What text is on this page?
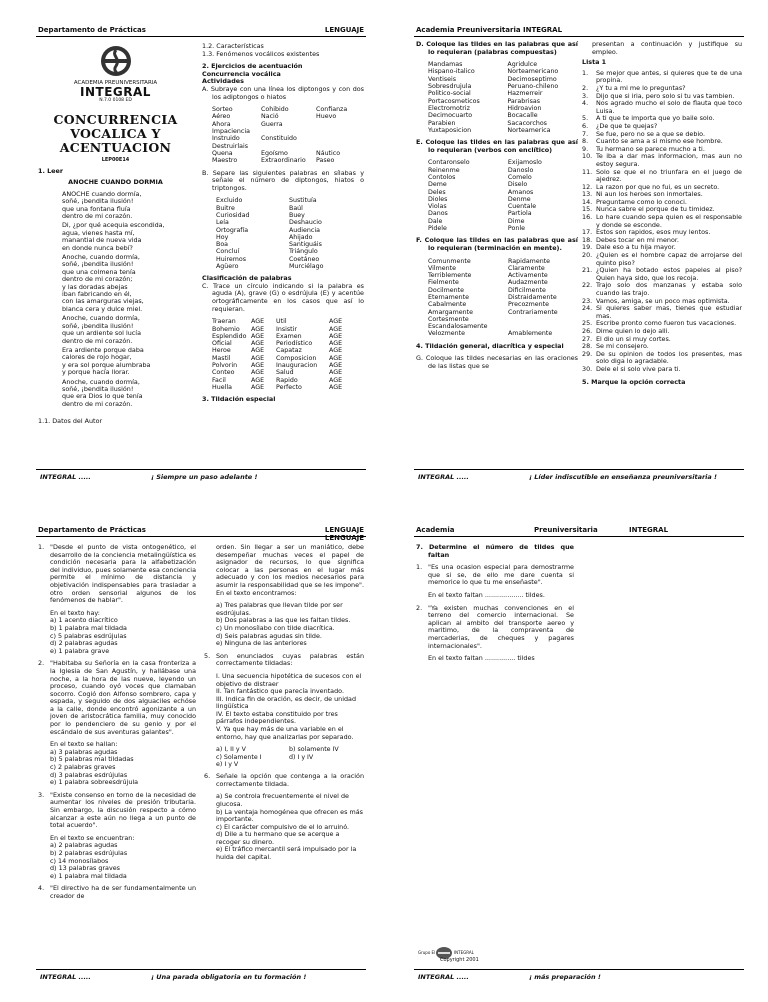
Departamento de Prácticas	LENGUAJE
ACADEMIA PREUNIVERSITARIA
INTEGRAL
N.7.0 0108 ED
CONCURRENCIA
VOCALICA Y
ACENTUACION
LEP00E14
1. Leer
ANOCHE CUANDO DORMIA
ANOCHE cuando dormía,
soñé, ¡bendita ilusión!
que una fontana fluía
dentro de mi corazón.
Di, ¿por qué acequia escondida,
agua, vienes hasta mí,
manantial de nueva vida
en donde nunca bebí?
Anoche, cuando dormía,
soñé, ¡bendita ilusión!
que una colmena tenía
dentro de mi corazón;
y las doradas abejas
iban fabricando en él,
con las amarguras viejas,
blanca cera y dulce miel.
Anoche, cuando dormía,
soñé, ¡bendita ilusión!
que un ardiente sol lucía
dentro de mi corazón.
Era ardiente porque daba
calores de rojo hogar,
y era sol porque alumbraba
y porque hacía llorar.
Anoche, cuando dormía,
soñé, ¡bendita ilusión!
que era Dios lo que tenía
dentro de mi corazón.
1.1. Datos del Autor
1.2. Características
1.3. Fenómenos vocálicos existentes
2. Ejercicios de acentuación
Concurrencia vocálica
Actividades
A. Subraye con una línea los diptongos y con dos los adiptongos o hiatos
Sorteo	Cohibido	Confianza
Aéreo	Nació	Huevo
Ahora	Guerra	
Impaciencia		
Instruido	Constituido	
Destruirlais		
Quena	Egoísmo	Náutico
Maestro	Extraordinario	Paseo
B. Separe las siguientes palabras en sílabas y señale el número de diptongos, hiatos o triptongos.
Excluido	Sustituía
Buitre	Baúl
Curiosidad	Buey
Leía	Deshaucio
Ortografía	Audiencia
Hoy	Ahijado
Boa	Santiguáis
Concluí	Triángulo
Huiremos	Coetáneo
Agüero	Murciélago
Clasificación de palabras
C. Trace un círculo indicando si la palabra es aguda (A), grave (G) o esdrújula (E) y acentúe ortográficamente en los casos que así lo requieran.
Traeran	AGE	Util	AGE
Bohemio	AGE	Insistir	AGE
Esplendido	AGE	Examen	AGE
Oficial	AGE	Periodístico	AGE
Heroe	AGE	Capataz	AGE
Mastil	AGE	Composicion	AGE
Polvorin	AGE	Inauguracion	AGE
Conteo	AGE	Salud	AGE
Facil	AGE	Rapido	AGE
Huella	AGE	Perfecto	AGE
3. Tildación especial
INTEGRAL .....	¡ Siempre un paso adelante !
Academia Preuniversitaria INTEGRAL
D. Coloque las tildes en las palabras que así lo requieran (palabras compuestas)
Mandamas	Agridulce
Hispano-italico	Norteamericano
Ventiseis	Decimoseptimo
Sobresdrujula	Peruano-chileno
Politico-social	Hazmerreir
Portacosmeticos	Parabrisas
Electromotriz	Hidroavion
Decimocuarto	Bocacalle
Parabien	Sacacorchos
Yuxtaposicion	Norteamerica
E. Coloque las tildes en las palabras que así lo requieran (verbos con enclítico)
Contaronselo	Exijamoslo
Reinenme	Danoslo
Contolos	Comelo
Deme	Diselo
Deles	Amanos
Dioles	Denme
Violas	Cuentale
Danos	Partiola
Dale	Dime
Pidele	Ponle
F. Coloque las tildes en las palabras que así lo requieran (terminación en mente).
Comunmente	Rapidamente
Vilmente	Claramente
Terriblemente	Activamente
Fielmente	Audazmente
Docilmente	Dificilmente
Eternamente	Distraidamente
Cabalmente	Precozmente
Amargamente	Contrariamente
Cortesmente	
Escandalosamente	
Velozmente	Amablemente
4. Tildación general, diacrítica y especial
G. Coloque las tildes necesarias en las oraciones de las listas que se
presentan a continuación y justifique su empleo.
Lista 1
1.	Se mejor que antes, si quieres que te de una propina.
2.	¿Y tu a mi me lo preguntas?
3.	Dijo que si iria, pero solo si tu vas tambien.
4.	Nos agrado mucho el solo de flauta que toco Luisa.
5.	A ti que te importa que yo baile solo.
6.	¿De que te quejas?
7.	Se fue, pero no se a que se debio.
8.	Cuanto se ama a si mismo ese hombre.
9.	Tu hermano se parece mucho a ti.
10. Te iba a dar mas informacion, mas aun no estoy segura.
11. Solo se que el no triunfara en el juego de ajedrez.
12. La razon por que no fui, es un secreto.
13. Ni aun los heroes son inmortales.
14. Preguntame como lo conoci.
15. Nunca sabre el porque de tu timidez.
16. Lo hare cuando sepa quien es el responsable y donde se esconde.
17. Estos son rapidos, esos muy lentos.
18. Debes tocar en mi menor.
19. Dale eso a tu hija mayor.
20. ¿Quien es el hombre capaz de arrojarse del quinto piso?
21. ¿Quien ha botado estos papeles al piso? Quien haya sido, que los recoja.
22. Trajo solo dos manzanas y estaba solo cuando las trajo.
23. Vamos, amiga, se un poco mas optimista.
24. Si quieres saber mas, tienes que estudiar mas.
25. Escribe pronto como fueron tus vacaciones.
26. Dime quien lo dejo alli.
27. El dio un si muy cortes.
28. Se mi consejero.
29. De su opinion de todos los presentes, mas solo diga lo agradable.
30. Dele el si solo vive para ti.
5. Marque la opción correcta
INTEGRAL .....	¡ Líder indiscutible en enseñanza preuniversitaria !
Departamento de Prácticas	LENGUAJE
LENGUAJE
1. "Desde el punto de vista ontogenético, el desarrollo de la conciencia metalingüística es condición necesaria para la alfabetización del individuo, pues solamente esa conciencia permite el mínimo de distancia y objetivación indispensables para trasladar a otro orden sensorial algunos de los fenómenos de hablar".
En el texto hay:
a) 1 acento diacrítico
b) 1 palabra mal tildada
c) 5 palabras esdrújulas
d) 2 palabras agudas
e) 1 palabra grave
2. "Habitaba su Señoría en la casa fronteriza a la Iglesia de San Agustín, y hallábase una noche, a la hora de las nueve, leyendo un proceso, cuando oyó voces que clamaban socorro. Cogió don Alfonso sombrero, capa y espada, y seguido de dos alguaciles echóse a la calle, donde encontró agonizante a un joven de aristocrática familia, muy conocido por lo pendenciero de su genio y por el escándalo de sus aventuras galantes".
En el texto se hallan:
a) 3 palabras agudas
b) 5 palabras mal tildadas
c) 2 palabras graves
d) 3 palabras esdrújulas
e) 1 palabra sobreesdrújula
3. "Existe consenso en torno de la necesidad de aumentar los niveles de presión tributaria. Sin embargo, la discusión respecto a cómo alcanzar a este aún no llega a un punto de total acuerdo".
En el texto se encuentran:
a) 2 palabras agudas
b) 2 palabras esdrújulas
c) 14 monosílabos
d) 13 palabras graves
e) 1 palabra mal tildada
4. "El directivo ha de ser fundamentalmente un creador de
orden. Sin llegar a ser un maniático, debe desempeñar muchas veces el papel de asignador de recursos, lo que significa colocar a las personas en el lugar más adecuado y con los medios necesarios para asumir la responsabilidad que se les impone". En el texto encontramos:
a) Tres palabras que llevan tilde por ser esdrújulas.
b) Dos palabras a las que les faltan tildes.
c) Un monosílabo con tilde diacrítica.
d) Seis palabras agudas sin tilde.
e) Ninguna de las anteriores
5. Son enunciados cuyas palabras están correctamente tildadas:
I. Una secuencia hipotética de sucesos con el objetivo de distraer
II. Tan fantástico que parecía inventado.
III. Indica fin de oración, es decir, de unidad lingüística
IV. El texto estaba constituido por tres párrafos independientes.
V. Ya que hay más de una variable en el entorno, hay que analizarlas por separado.
a) I, II y V	b) solamente IV
c) Solamente I	d) I y IV
e) I y V	
6. Señale la opción que contenga a la oración correctamente tildada.
a) Se controla frecuentemente el nivel de glucosa.
b) La ventaja homogénea que ofrecen es más importante.
c) El carácter compulsivo de el lo arruinó.
d) Dile a tu hermano que se acerque a recoger su dinero.
e) El tráfico mercantil será impulsado por la huida del capital.
INTEGRAL .....	¡ Una parada obligatoria en tu formación !
Academia	Preuniversitaria	INTEGRAL
7. Determine el número de tildes que faltan
1. "Es una ocasion especial para demostrarme que si se, de ello me dare cuenta si memorice lo que tu me enseñaste".
En el texto faltan ................... tildes.
2. "Ya existen muchas convenciones en el terreno del comercio internacional. Se aplican al ambito del transporte aereo y maritimo, de la compraventa de mercaderias, de cheques y pagares internacionales".
En el texto faltan ............... tildes
Grupo El	INTEGRAL
Copyright 2001
INTEGRAL .....	¡ más preparación !
